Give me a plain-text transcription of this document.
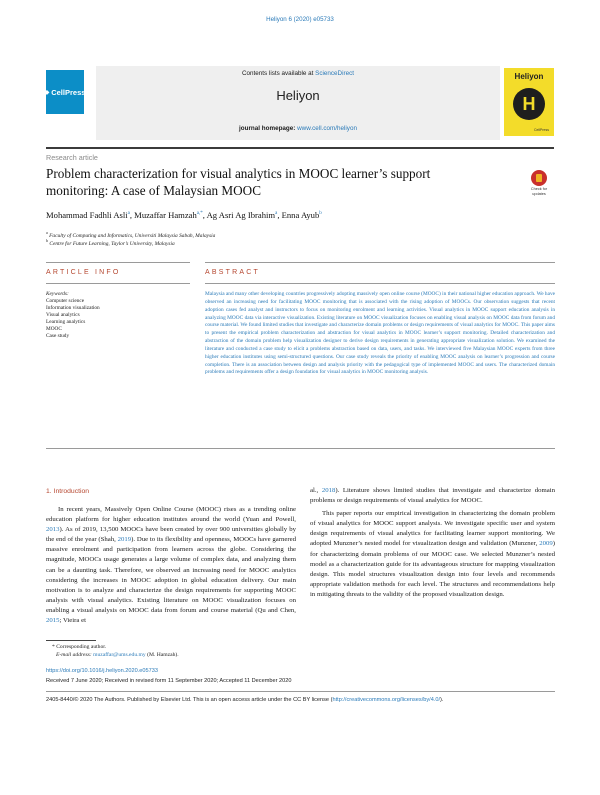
Heliyon 6 (2020) e05733
◆ CellPress
Contents lists available at ScienceDirect
Heliyon
journal homepage: www.cell.com/heliyon
Heliyon
H
CellPress
Research article
Problem characterization for visual analytics in MOOC learner’s support monitoring: A case of Malaysian MOOC	Check for updates
Mohammad Fadhli Asli$^a$, Muzaffar Hamzah$^{a,*}$, Ag Asri Ag Ibrahim$^a$, Enna Ayub$^b$
$^a$ Faculty of Computing and Informatics, Universiti Malaysia Sabah, Malaysia
$^b$ Centre for Future Learning, Taylor’s University, Malaysia
ARTICLE INFO	ABSTRACT
Keywords:
Computer science
Information visualization
Visual analytics
Learning analytics
MOOC
Case study
Malaysia and many other developing countries progressively adopting massively open online course (MOOC) in their national higher education approach. We have observed an increasing need for facilitating MOOC monitoring that is associated with the rising adoption of MOOCs. Our observation suggests that recent adoption cases fed analyst and instructors to focus on monitoring enrolment and learning activities. Visual analytics in MOOC support education analysis in analyzing MOOC data via interactive visualization. Existing literature on MOOC visualization focuses on enabling visual analysis on MOOC data from forum and course material. We found limited studies that investigate and characterize domain problems or design requirements of visual analytics for MOOC. This paper aims to present the empirical problem characterization and abstraction for visual analytics in MOOC learner’s support monitoring. Detailed characterization and abstraction of the domain problem help visualization designer to derive design requirements in generating appropriate visualization solution. We examined the literature and conducted a case study to elicit a problems abstraction based on data, users, and tasks. We interviewed five Malaysian MOOC experts from three higher education institutes using semi-structured questions. Our case study reveals the priority of enabling MOOC analysis on learner’s progression and course completion. There is an association between design and analysis priority with the pedagogical type of implemented MOOC and users. The characterized domain problems and requirements offer a design foundation for visual analytics in MOOC monitoring analysis.
1. Introduction

In recent years, Massively Open Online Course (MOOC) rises as a trending online education platform for higher education institutes around the world (Yuan and Powell, 2013). As of 2019, 13,500 MOOCs have been created by over 900 universities globally by the end of the year (Shah, 2019). Due to its flexibility and openness, MOOCs have garnered massive enrolment and participation from learners across the globe. Considering the magnitude, MOOCs usage generates a large volume of complex data, and analyzing them can be a daunting task. Therefore, we observed an increasing need for MOOC analytics considering the increases in MOOC adoption in global education delivery. Our main motivation is to analyze and characterize the design requirements for supporting MOOC analysis with visual analytics. Existing literature on MOOC visualization focuses on enabling a visual analysis on MOOC data from forum and course material (Qu and Chen, 2015; Vieira et

al., 2018). Literature shows limited studies that investigate and characterize domain problems or design requirements of visual analytics for MOOC.

This paper reports our empirical investigation in characterizing the domain problem of visual analytics for MOOC support analysis. We investigate specific user and system design requirements of visual analytics for facilitating learner support monitoring. We adopted Munzner’s nested model for visualization design and validation (Munzner, 2009) for characterizing domain problems of our MOOC case. We selected Munzner’s nested model as a characterization guide for its advantageous structure for mapping visualization design. This model structures visualization design into four levels and recommends appropriate validation methods for each level. The structures and recommendations help in mitigating threats to the validity of the proposed visualization design.

* Corresponding author.
E-mail address: muzaffar@ums.edu.my (M. Hamzah).
https://doi.org/10.1016/j.heliyon.2020.e05733
Received 7 June 2020; Received in revised form 11 September 2020; Accepted 11 December 2020
2405-8440/© 2020 The Authors. Published by Elsevier Ltd. This is an open access article under the CC BY license (http://creativecommons.org/licenses/by/4.0/).
